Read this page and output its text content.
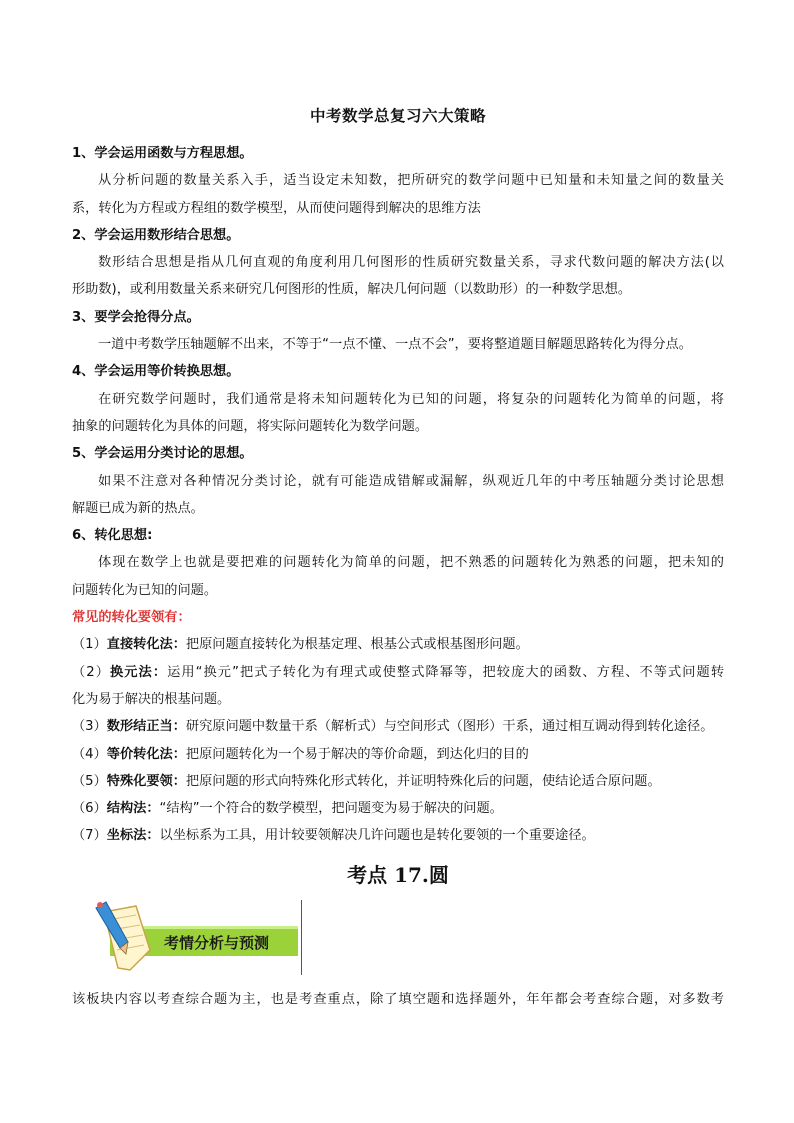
中考数学总复习六大策略

1、学会运用函数与方程思想。

从分析问题的数量关系入手，适当设定未知数，把所研究的数学问题中已知量和未知量之间的数量关

系，转化为方程或方程组的数学模型，从而使问题得到解决的思维方法

2、学会运用数形结合思想。

数形结合思想是指从几何直观的角度利用几何图形的性质研究数量关系，寻求代数问题的解决方法(以

形助数)，或利用数量关系来研究几何图形的性质，解决几何问题（以数助形）的一种数学思想。

3、要学会抢得分点。

一道中考数学压轴题解不出来，不等于“一点不懂、一点不会”，要将整道题目解题思路转化为得分点。

4、学会运用等价转换思想。

在研究数学问题时，我们通常是将未知问题转化为已知的问题，将复杂的问题转化为简单的问题，将

抽象的问题转化为具体的问题，将实际问题转化为数学问题。

5、学会运用分类讨论的思想。

如果不注意对各种情况分类讨论，就有可能造成错解或漏解，纵观近几年的中考压轴题分类讨论思想

解题已成为新的热点。

6、转化思想:

体现在数学上也就是要把难的问题转化为简单的问题，把不熟悉的问题转化为熟悉的问题，把未知的

问题转化为已知的问题。

常见的转化要领有：

（1）直接转化法：把原问题直接转化为根基定理、根基公式或根基图形问题。

（2）换元法：运用“换元”把式子转化为有理式或使整式降幂等，把较庞大的函数、方程、不等式问题转

化为易于解决的根基问题。

（3）数形结正当：研究原问题中数量干系（解析式）与空间形式（图形）干系，通过相互调动得到转化途径。

（4）等价转化法：把原问题转化为一个易于解决的等价命题，到达化归的目的

（5）特殊化要领：把原问题的形式向特殊化形式转化，并证明特殊化后的问题，使结论适合原问题。

（6）结构法：“结构”一个符合的数学模型，把问题变为易于解决的问题。

（7）坐标法：以坐标系为工具，用计较要领解决几许问题也是转化要领的一个重要途径。

考点 17.圆
考情分析与预测

该板块内容以考查综合题为主，也是考查重点，除了填空题和选择题外，年年都会考查综合题，对多数考
